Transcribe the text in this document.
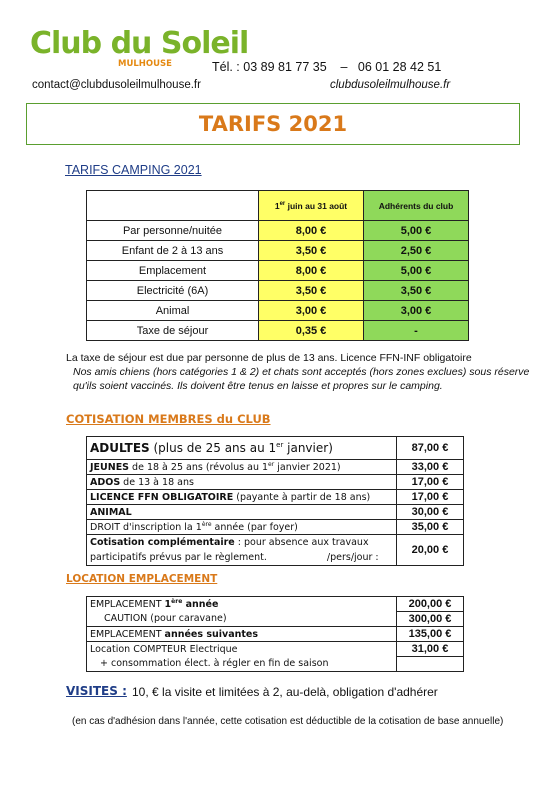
Club du Soleil
MULHOUSE	Tél. : 03 89 81 77 35    –   06 01 28 42 51
contact@clubdusoleilmulhouse.fr	clubdusoleilmulhouse.fr
TARIFS 2021
TARIFS CAMPING 2021
	1er juin au 31 août	Adhérents du club
Par personne/nuitée	8,00 €	5,00 €
Enfant de 2 à 13 ans	3,50 €	2,50 €
Emplacement	8,00 €	5,00 €
Electricité (6A)	3,50 €	3,50 €
Animal	3,00 €	3,00 €
Taxe de séjour	0,35 €	-
La taxe de séjour est due par personne de plus de 13 ans. Licence FFN-INF obligatoire
Nos amis chiens (hors catégories 1 & 2) et chats sont acceptés (hors zones exclues) sous réserve qu'ils soient vaccinés. Ils doivent être tenus en laisse et propres sur le camping.
COTISATION MEMBRES du CLUB
ADULTES (plus de 25 ans au 1er janvier)	87,00 €
JEUNES de 18 à 25 ans (révolus au 1er janvier 2021)	33,00 €
ADOS de 13 à 18 ans	17,00 €
LICENCE FFN OBLIGATOIRE (payante à partir de 18 ans)	17,00 €
ANIMAL	30,00 €
DROIT d'inscription la 1ère année (par foyer)	35,00 €
Cotisation complémentaire : pour absence aux travaux
participatifs prévus par le règlement. /pers/jour :	20,00 €
LOCATION EMPLACEMENT
EMPLACEMENT 1ère année	200,00 €
CAUTION (pour caravane)	300,00 €
EMPLACEMENT années suivantes	135,00 €
Location COMPTEUR Electrique	31,00 €
+ consommation élect. à régler en fin de saison	
VISITES : 10, € la visite et limitées à 2, au-delà, obligation d'adhérer
(en cas d'adhésion dans l'année, cette cotisation est déductible de la cotisation de base annuelle)
